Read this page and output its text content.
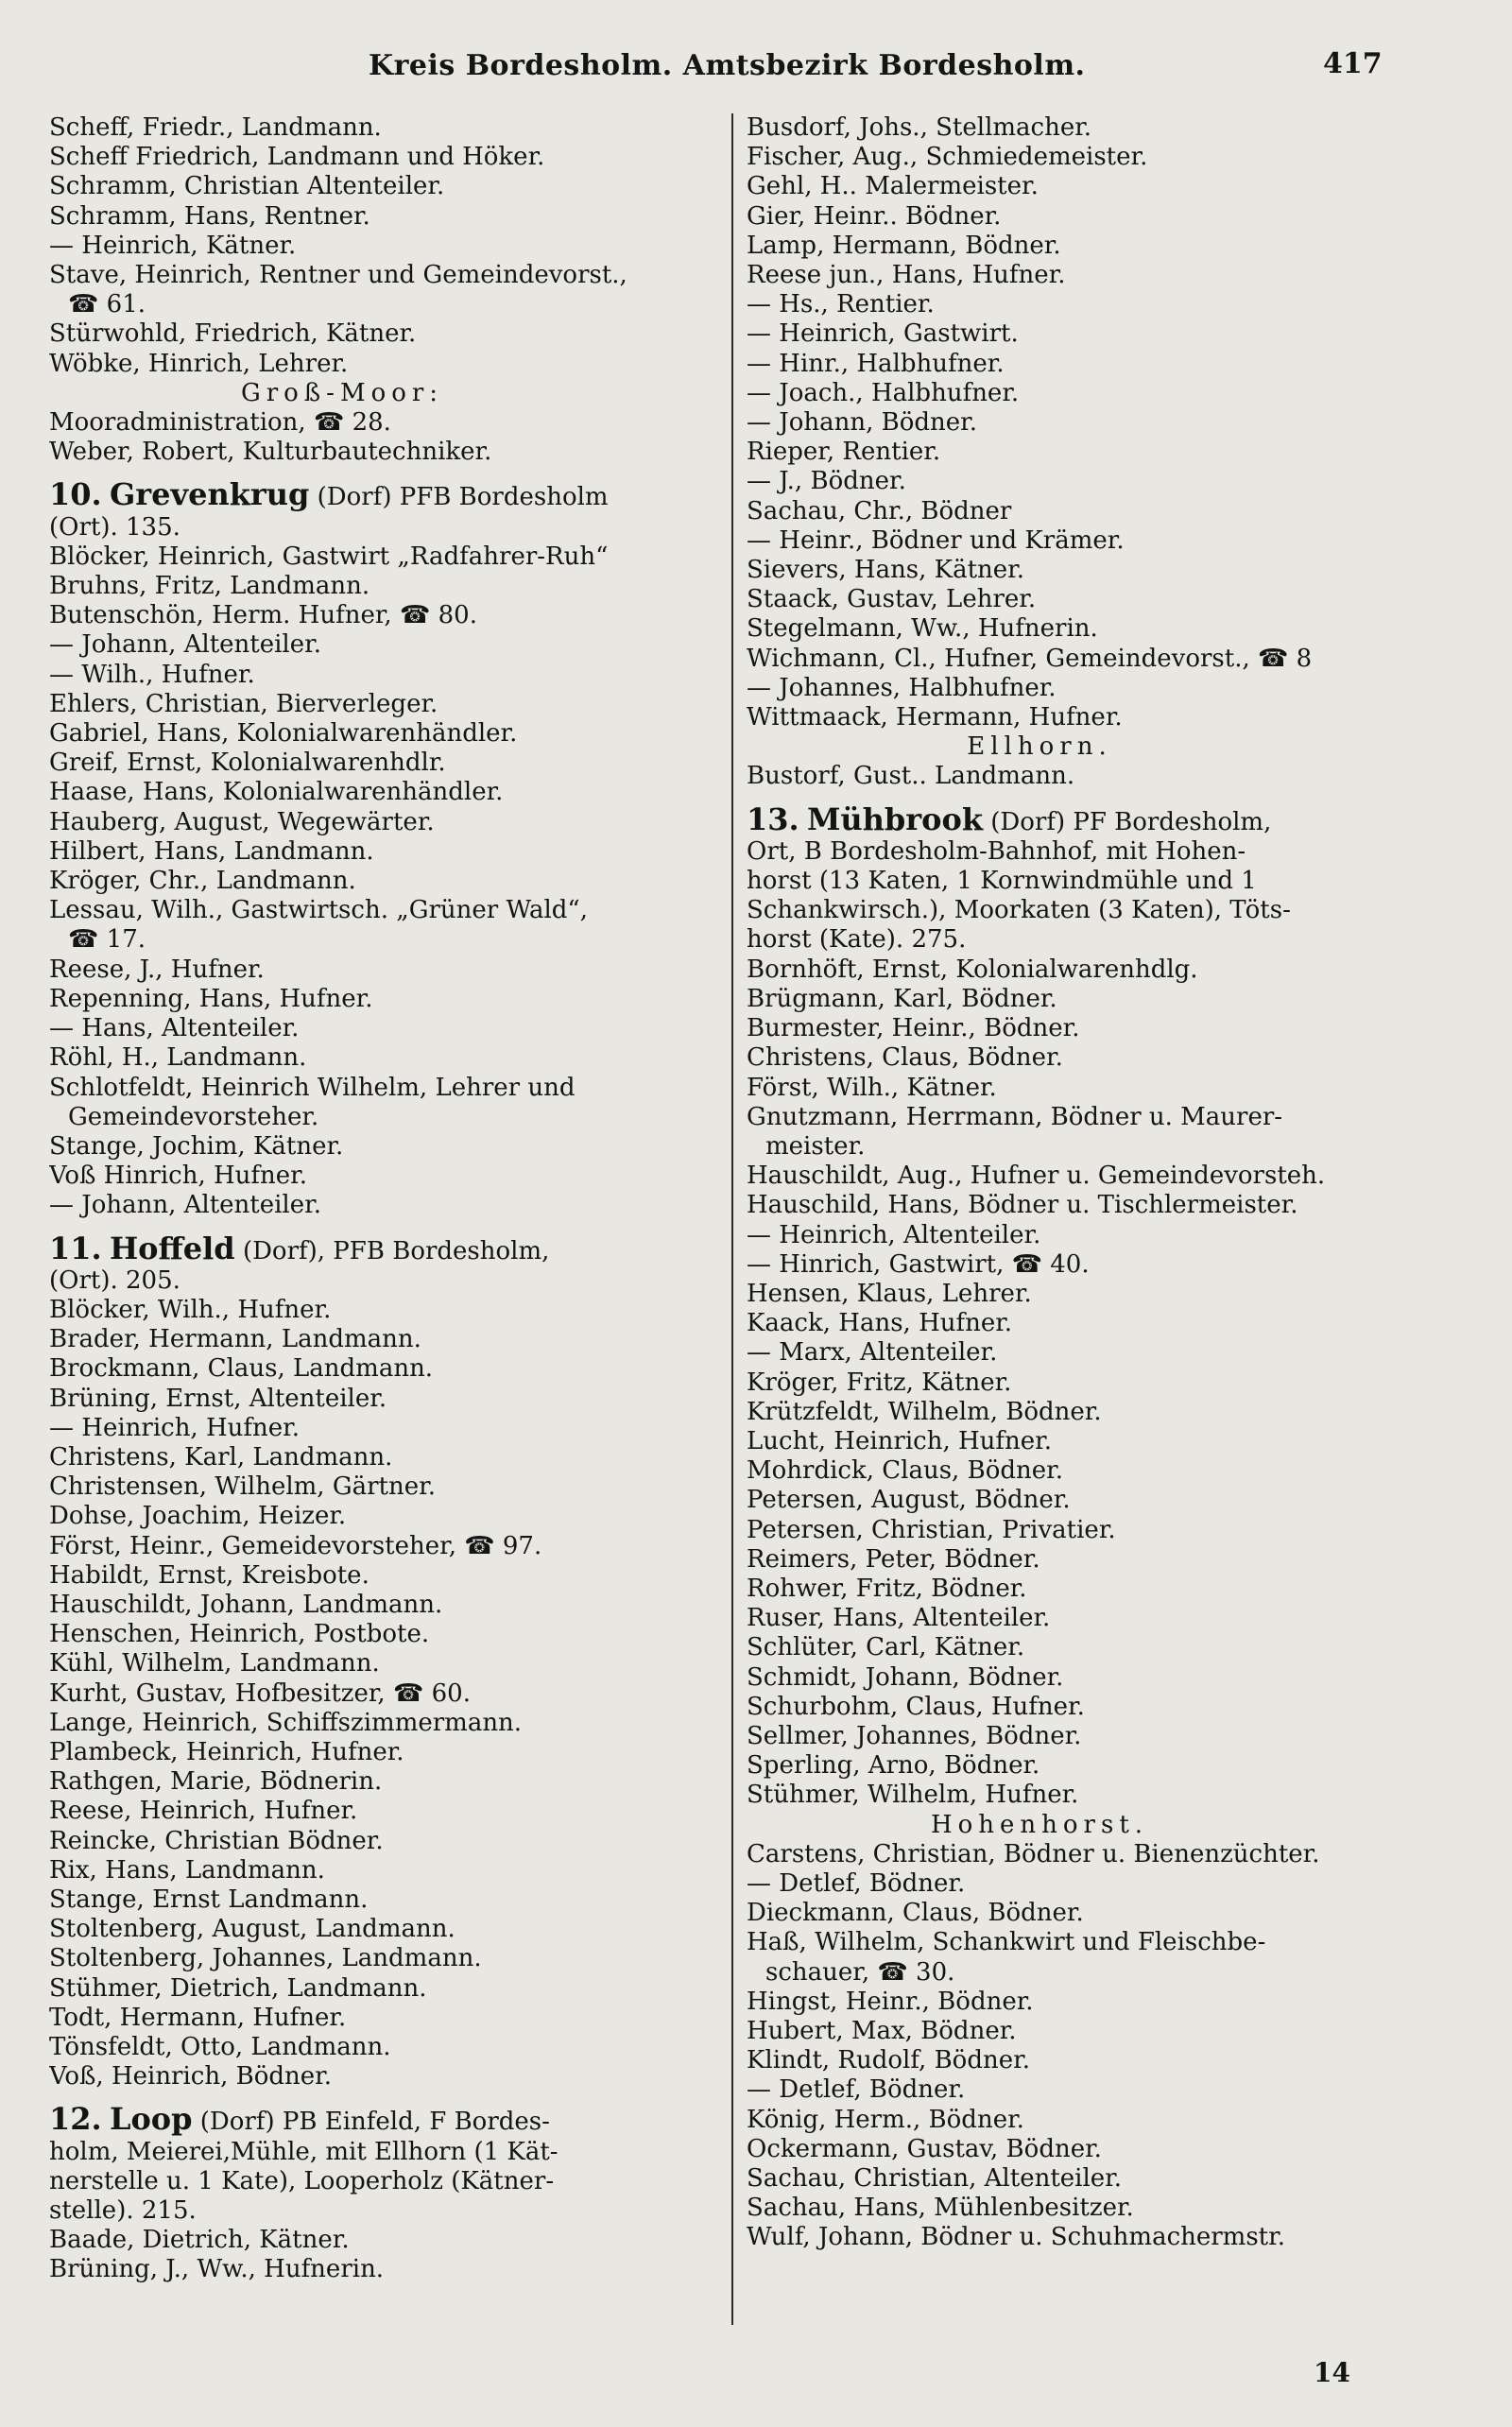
Kreis Bordesholm. Amtsbezirk Bordesholm.	417
Scheff, Friedr., Landmann.
Scheff Friedrich, Landmann und Höker.
Schramm, Christian Altenteiler.
Schramm, Hans, Rentner.
— Heinrich, Kätner.
Stave, Heinrich, Rentner und Gemeindevorst.,
☎ 61.
Stürwohld, Friedrich, Kätner.
Wöbke, Hinrich, Lehrer.
Groß-Moor:
Mooradministration, ☎ 28.
Weber, Robert, Kulturbautechniker.
10. Grevenkrug (Dorf) PFB Bordesholm
(Ort). 135.
Blöcker, Heinrich, Gastwirt „Radfahrer-Ruh“
Bruhns, Fritz, Landmann.
Butenschön, Herm. Hufner, ☎ 80.
— Johann, Altenteiler.
— Wilh., Hufner.
Ehlers, Christian, Bierverleger.
Gabriel, Hans, Kolonialwarenhändler.
Greif, Ernst, Kolonialwarenhdlr.
Haase, Hans, Kolonialwarenhändler.
Hauberg, August, Wegewärter.
Hilbert, Hans, Landmann.
Kröger, Chr., Landmann.
Lessau, Wilh., Gastwirtsch. „Grüner Wald“,
☎ 17.
Reese, J., Hufner.
Repenning, Hans, Hufner.
— Hans, Altenteiler.
Röhl, H., Landmann.
Schlotfeldt, Heinrich Wilhelm, Lehrer und
Gemeindevorsteher.
Stange, Jochim, Kätner.
Voß Hinrich, Hufner.
— Johann, Altenteiler.
11. Hoffeld (Dorf), PFB Bordesholm,
(Ort). 205.
Blöcker, Wilh., Hufner.
Brader, Hermann, Landmann.
Brockmann, Claus, Landmann.
Brüning, Ernst, Altenteiler.
— Heinrich, Hufner.
Christens, Karl, Landmann.
Christensen, Wilhelm, Gärtner.
Dohse, Joachim, Heizer.
Först, Heinr., Gemeidevorsteher, ☎ 97.
Habildt, Ernst, Kreisbote.
Hauschildt, Johann, Landmann.
Henschen, Heinrich, Postbote.
Kühl, Wilhelm, Landmann.
Kurht, Gustav, Hofbesitzer, ☎ 60.
Lange, Heinrich, Schiffszimmermann.
Plambeck, Heinrich, Hufner.
Rathgen, Marie, Bödnerin.
Reese, Heinrich, Hufner.
Reincke, Christian Bödner.
Rix, Hans, Landmann.
Stange, Ernst Landmann.
Stoltenberg, August, Landmann.
Stoltenberg, Johannes, Landmann.
Stühmer, Dietrich, Landmann.
Todt, Hermann, Hufner.
Tönsfeldt, Otto, Landmann.
Voß, Heinrich, Bödner.
12. Loop (Dorf) PB Einfeld, F Bordes-
holm, Meierei,Mühle, mit Ellhorn (1 Kät-
nerstelle u. 1 Kate), Looperholz (Kätner-
stelle). 215.
Baade, Dietrich, Kätner.
Brüning, J., Ww., Hufnerin.
Busdorf, Johs., Stellmacher.
Fischer, Aug., Schmiedemeister.
Gehl, H.. Malermeister.
Gier, Heinr.. Bödner.
Lamp, Hermann, Bödner.
Reese jun., Hans, Hufner.
— Hs., Rentier.
— Heinrich, Gastwirt.
— Hinr., Halbhufner.
— Joach., Halbhufner.
— Johann, Bödner.
Rieper, Rentier.
— J., Bödner.
Sachau, Chr., Bödner
— Heinr., Bödner und Krämer.
Sievers, Hans, Kätner.
Staack, Gustav, Lehrer.
Stegelmann, Ww., Hufnerin.
Wichmann, Cl., Hufner, Gemeindevorst., ☎ 8
— Johannes, Halbhufner.
Wittmaack, Hermann, Hufner.
Ellhorn.
Bustorf, Gust.. Landmann.
13. Mühbrook (Dorf) PF Bordesholm,
Ort, B Bordesholm-Bahnhof, mit Hohen-
horst (13 Katen, 1 Kornwindmühle und 1
Schankwirsch.), Moorkaten (3 Katen), Töts-
horst (Kate). 275.
Bornhöft, Ernst, Kolonialwarenhdlg.
Brügmann, Karl, Bödner.
Burmester, Heinr., Bödner.
Christens, Claus, Bödner.
Först, Wilh., Kätner.
Gnutzmann, Herrmann, Bödner u. Maurer-
meister.
Hauschildt, Aug., Hufner u. Gemeindevorsteh.
Hauschild, Hans, Bödner u. Tischlermeister.
— Heinrich, Altenteiler.
— Hinrich, Gastwirt, ☎ 40.
Hensen, Klaus, Lehrer.
Kaack, Hans, Hufner.
— Marx, Altenteiler.
Kröger, Fritz, Kätner.
Krützfeldt, Wilhelm, Bödner.
Lucht, Heinrich, Hufner.
Mohrdick, Claus, Bödner.
Petersen, August, Bödner.
Petersen, Christian, Privatier.
Reimers, Peter, Bödner.
Rohwer, Fritz, Bödner.
Ruser, Hans, Altenteiler.
Schlüter, Carl, Kätner.
Schmidt, Johann, Bödner.
Schurbohm, Claus, Hufner.
Sellmer, Johannes, Bödner.
Sperling, Arno, Bödner.
Stühmer, Wilhelm, Hufner.
Hohenhorst.
Carstens, Christian, Bödner u. Bienenzüchter.
— Detlef, Bödner.
Dieckmann, Claus, Bödner.
Haß, Wilhelm, Schankwirt und Fleischbe-
schauer, ☎ 30.
Hingst, Heinr., Bödner.
Hubert, Max, Bödner.
Klindt, Rudolf, Bödner.
— Detlef, Bödner.
König, Herm., Bödner.
Ockermann, Gustav, Bödner.
Sachau, Christian, Altenteiler.
Sachau, Hans, Mühlenbesitzer.
Wulf, Johann, Bödner u. Schuhmachermstr.
14
